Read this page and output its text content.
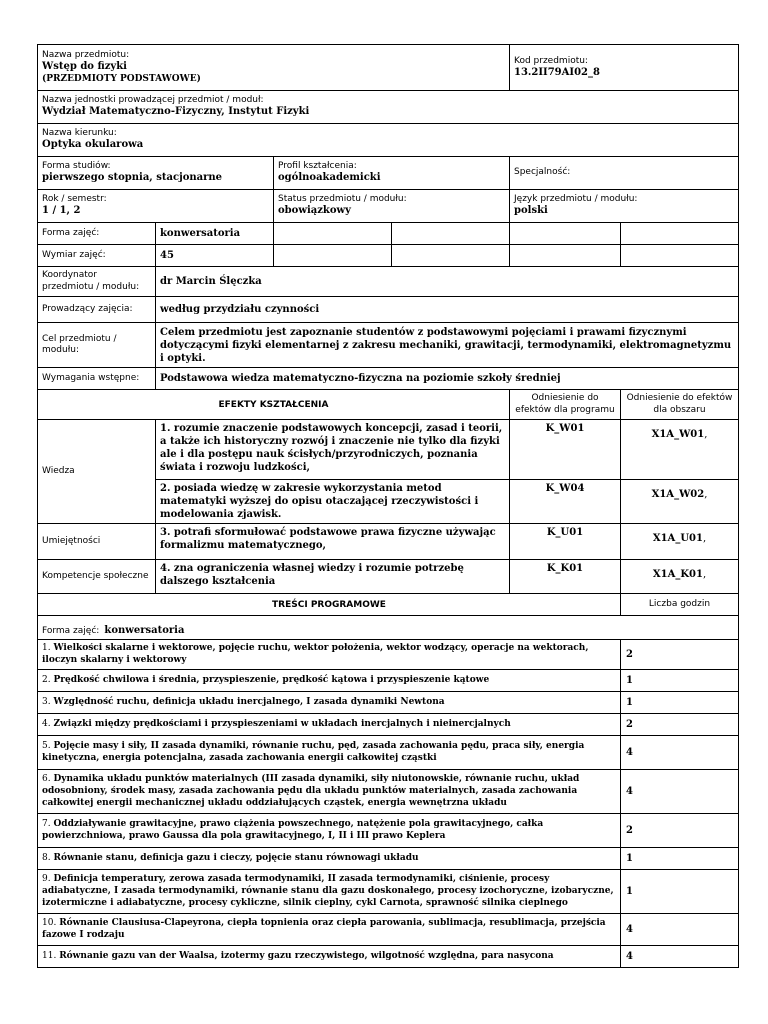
Nazwa przedmiotu:
Wstęp do fizyki
(PRZEDMIOTY PODSTAWOWE)		Kod przedmiotu:
13.2II79AI02_8

Nazwa jednostki prowadzącej przedmiot / moduł:
Wydział Matematyczno-Fizyczny, Instytut Fizyki		

Nazwa kierunku:
Optyka okularowa		

Forma studiów:
pierwszego stopnia, stacjonarne	Profil kształcenia:
ogólnoakademicki	Specjalność:

Rok / semestr:
1 / 1, 2	Status przedmiotu / modułu:
obowiązkowy	Język przedmiotu / modułu:
polski
Forma zajęć:	konwersatoria				
Wymiar zajęć:	45				
Koordynator przedmiotu / modułu:	dr Marcin Ślęczka				
Prowadzący zajęcia:	według przydziału czynności				
Cel przedmiotu / modułu:	Celem przedmiotu jest zapoznanie studentów z podstawowymi pojęciami i prawami fizycznymi dotyczącymi fizyki elementarnej z zakresu mechaniki, grawitacji, termodynamiki, elektromagnetyzmu i optyki.				
Wymagania wstępne:	Podstawowa wiedza matematyczno-fizyczna na poziomie szkoły średniej				
EFEKTY KSZTAŁCENIA				Odniesienie do efektów dla programu	Odniesienie do efektów dla obszaru
Wiedza	1. rozumie znaczenie podstawowych koncepcji, zasad i teorii, a także ich historyczny rozwój i znaczenie nie tylko dla fizyki ale i dla postępu nauk ścisłych/przyrodniczych, poznania świata i rozwoju ludzkości,			K_W01	X1A_W01,
	2. posiada wiedzę w zakresie wykorzystania metod matematyki wyższej do opisu otaczającej rzeczywistości i modelowania zjawisk.			K_W04	X1A_W02,
Umiejętności	3. potrafi sformułować podstawowe prawa fizyczne używając formalizmu matematycznego,			K_U01	X1A_U01,
Kompetencje społeczne	4. zna ograniczenia własnej wiedzy i rozumie potrzebę dalszego kształcenia			K_K01	X1A_K01,
TREŚCI PROGRAMOWE	Liczba godzin
Forma zajęć: konwersatoria	
1. Wielkości skalarne i wektorowe, pojęcie ruchu, wektor położenia, wektor wodzący, operacje na wektorach, iloczyn skalarny i wektorowy	2
2. Prędkość chwilowa i średnia, przyspieszenie, prędkość kątowa i przyspieszenie kątowe	1
3. Względność ruchu, definicja układu inercjalnego, I zasada dynamiki Newtona	1
4. Związki między prędkościami i przyspieszeniami w układach inercjalnych i nieinercjalnych	2
5. Pojęcie masy i siły, II zasada dynamiki, równanie ruchu, pęd, zasada zachowania pędu, praca siły, energia kinetyczna, energia potencjalna, zasada zachowania energii całkowitej cząstki	4
6. Dynamika układu punktów materialnych (III zasada dynamiki, siły niutonowskie, równanie ruchu, układ odosobniony, środek masy, zasada zachowania pędu dla układu punktów materialnych, zasada zachowania całkowitej energii mechanicznej układu oddziałujących cząstek, energia wewnętrzna układu	4
7. Oddziaływanie grawitacyjne, prawo ciążenia powszechnego, natężenie pola grawitacyjnego, całka powierzchniowa, prawo Gaussa dla pola grawitacyjnego, I, II i III prawo Keplera	2
8. Równanie stanu, definicja gazu i cieczy, pojęcie stanu równowagi układu	1
9. Definicja temperatury, zerowa zasada termodynamiki, II zasada termodynamiki, ciśnienie, procesy adiabatyczne, I zasada termodynamiki, równanie stanu dla gazu doskonałego, procesy izochoryczne, izobaryczne, izotermiczne i adiabatyczne, procesy cykliczne, silnik cieplny, cykl Carnota, sprawność silnika cieplnego	1
10. Równanie Clausiusa-Clapeyrona, ciepła topnienia oraz ciepła parowania, sublimacja, resublimacja, przejścia fazowe I rodzaju	4
11. Równanie gazu van der Waalsa, izotermy gazu rzeczywistego, wilgotność względna, para nasycona	4
